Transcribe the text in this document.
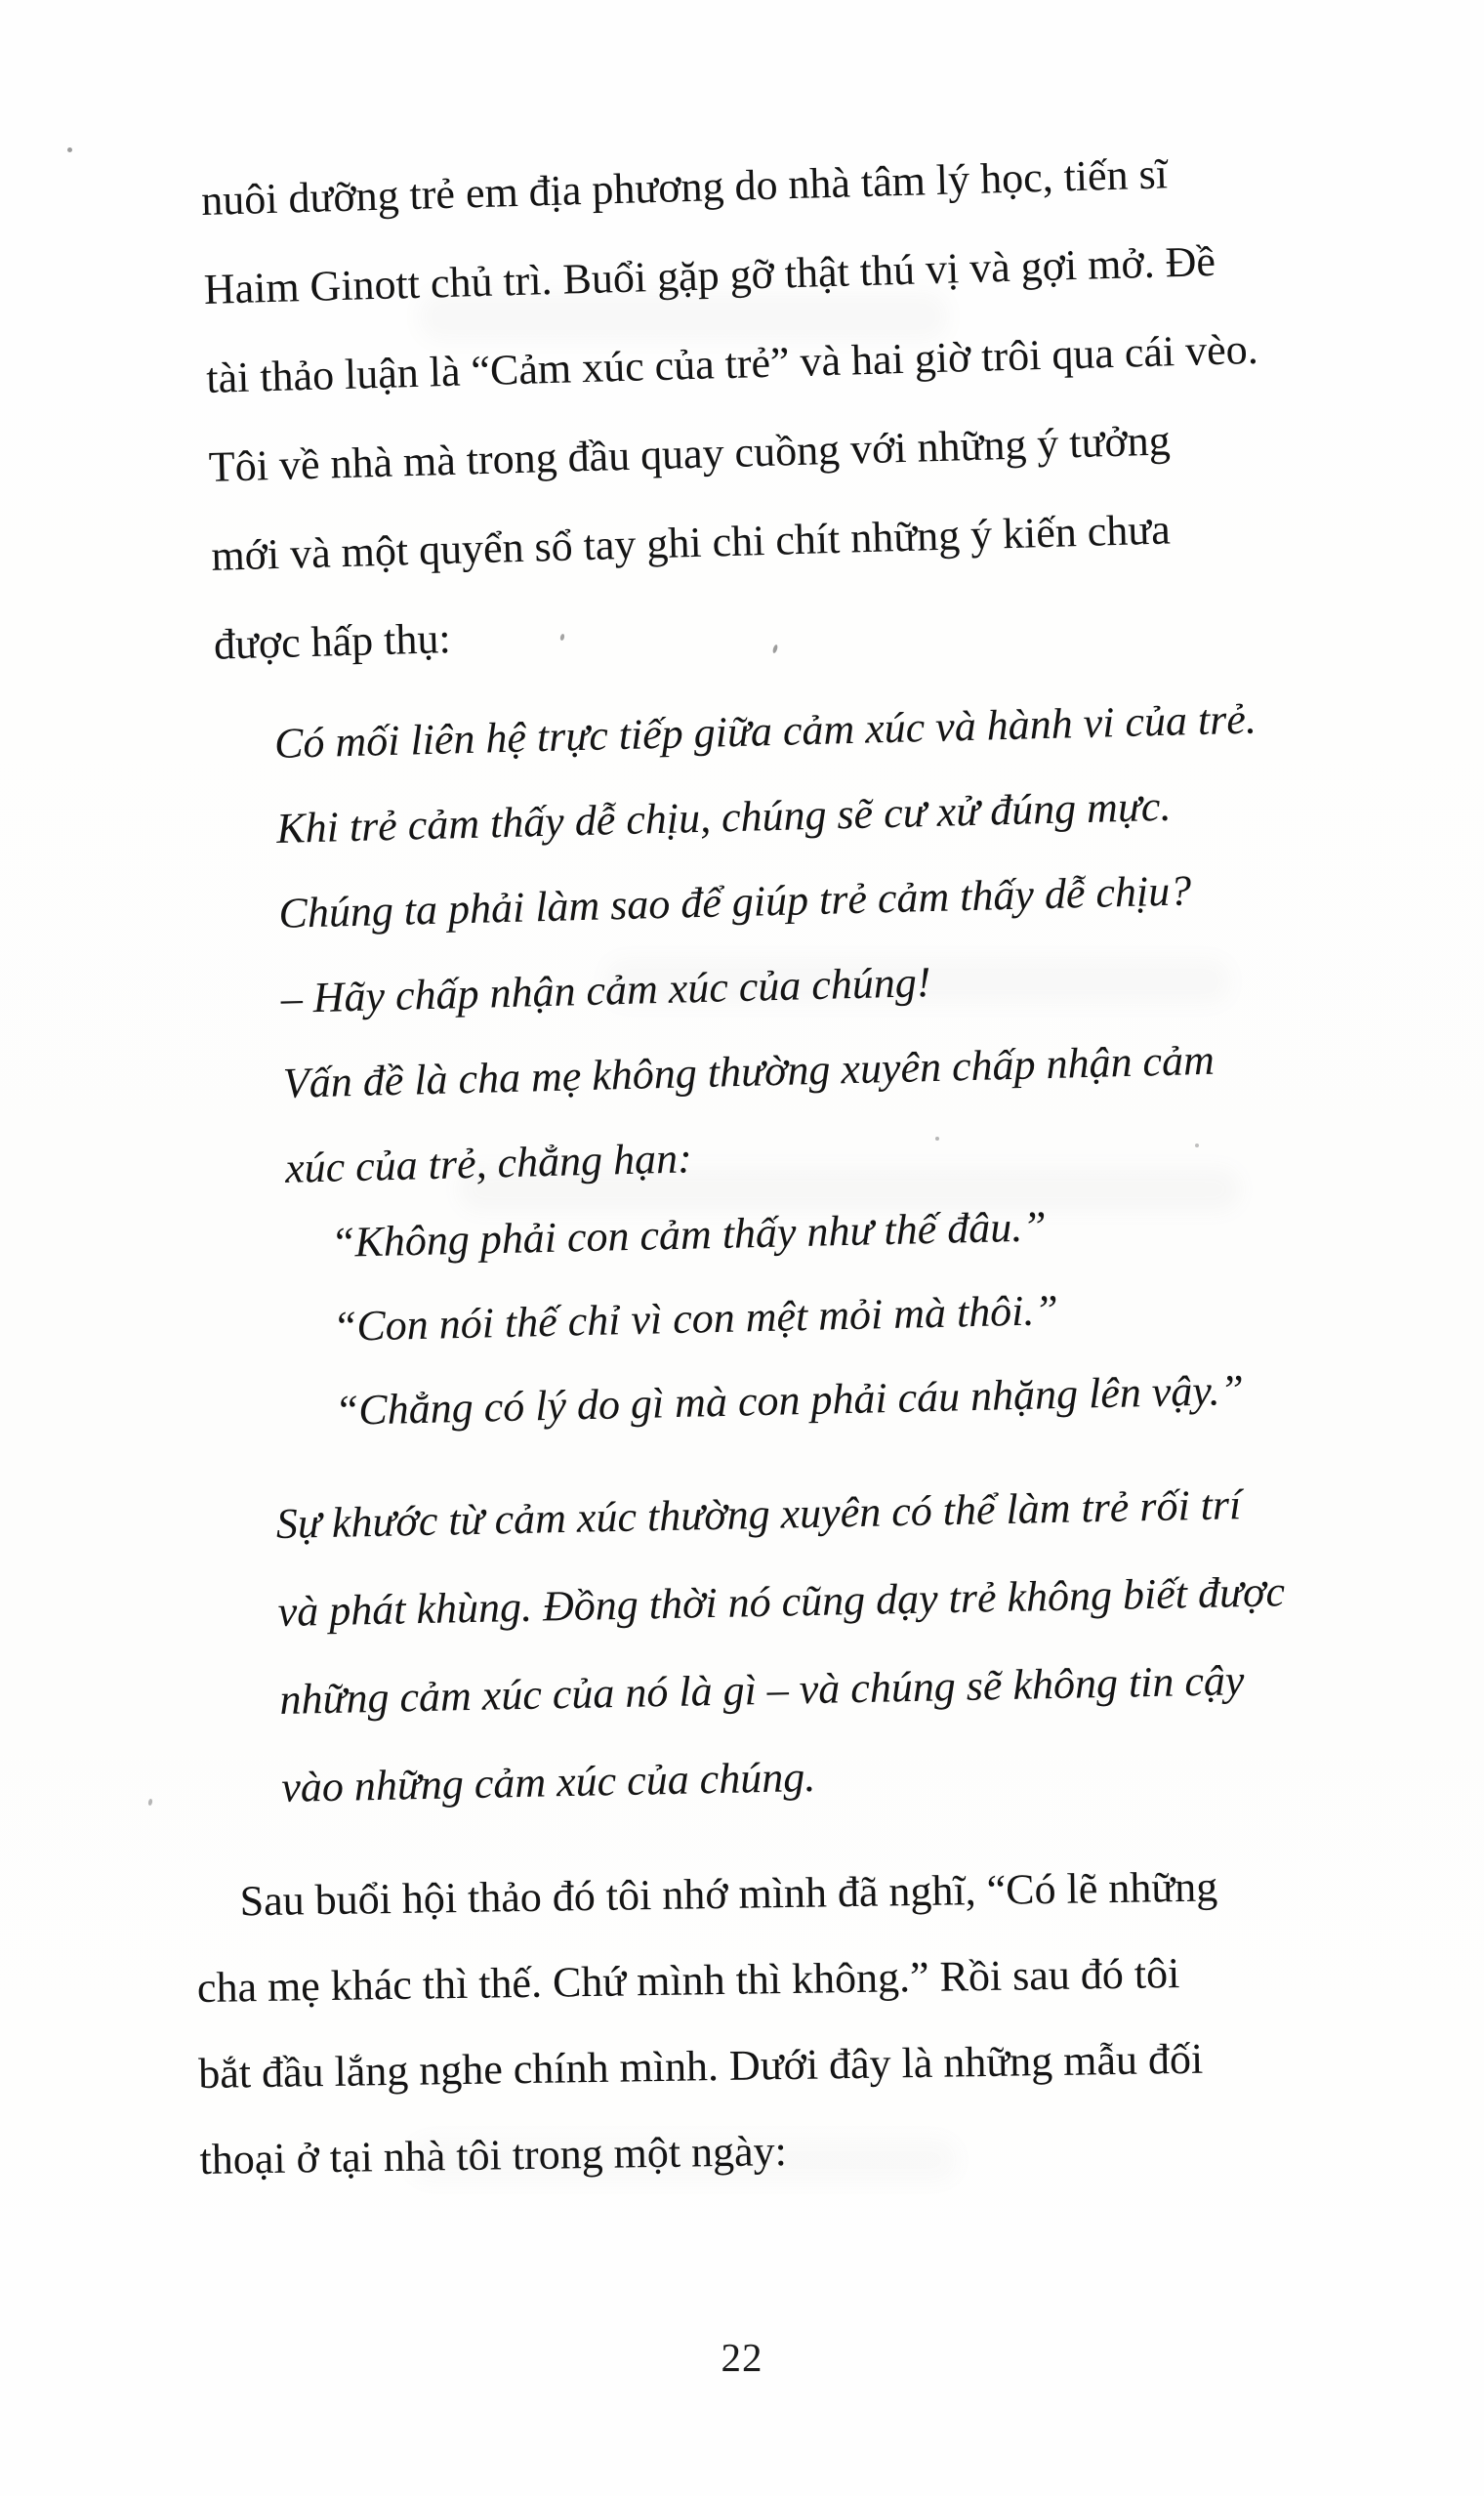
nuôi dưỡng trẻ em địa phương do nhà tâm lý học, tiến sĩ
Haim Ginott chủ trì. Buổi gặp gỡ thật thú vị và gợi mở. Đề
tài thảo luận là “Cảm xúc của trẻ” và hai giờ trôi qua cái vèo.
Tôi về nhà mà trong đầu quay cuồng với những ý tưởng
mới và một quyển sổ tay ghi chi chít những ý kiến chưa
được hấp thụ:
Có mối liên hệ trực tiếp giữa cảm xúc và hành vi của trẻ.
Khi trẻ cảm thấy dễ chịu, chúng sẽ cư xử đúng mực.
Chúng ta phải làm sao để giúp trẻ cảm thấy dễ chịu?
– Hãy chấp nhận cảm xúc của chúng!
Vấn đề là cha mẹ không thường xuyên chấp nhận cảm
xúc của trẻ, chẳng hạn:
“Không phải con cảm thấy như thế đâu.”
“Con nói thế chỉ vì con mệt mỏi mà thôi.”
“Chẳng có lý do gì mà con phải cáu nhặng lên vậy.”
Sự khước từ cảm xúc thường xuyên có thể làm trẻ rối trí
và phát khùng. Đồng thời nó cũng dạy trẻ không biết được
những cảm xúc của nó là gì – và chúng sẽ không tin cậy
vào những cảm xúc của chúng.
Sau buổi hội thảo đó tôi nhớ mình đã nghĩ, “Có lẽ những
cha mẹ khác thì thế. Chứ mình thì không.” Rồi sau đó tôi
bắt đầu lắng nghe chính mình. Dưới đây là những mẫu đối
thoại ở tại nhà tôi trong một ngày:
22
